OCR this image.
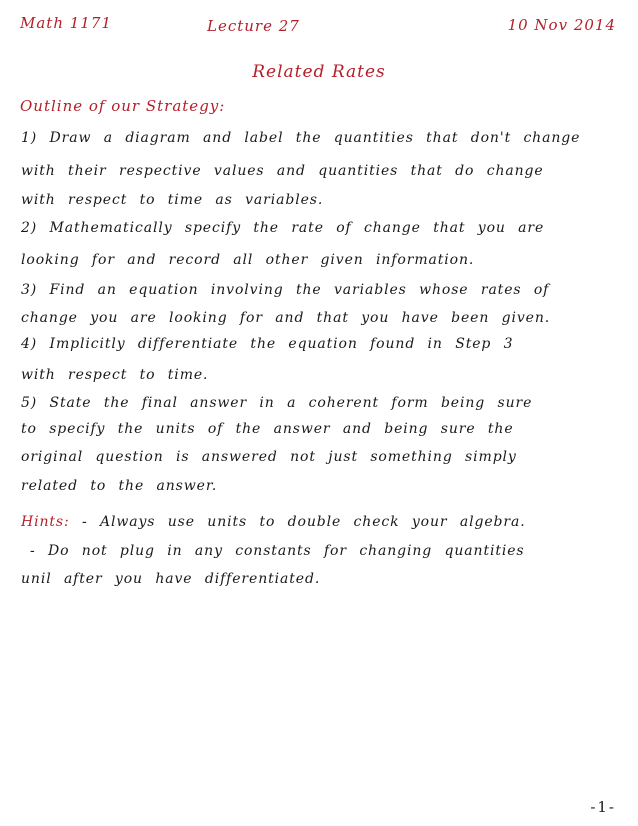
Math 1171	Lecture 27	10 Nov 2014
Related Rates
Outline of our Strategy:
1) Draw a diagram and label the quantities that don't change
with their respective values and quantities that do change
with respect to time as variables.
2) Mathematically specify the rate of change that you are
looking for and record all other given information.
3) Find an equation involving the variables whose rates of
change you are looking for and that you have been given.
4) Implicitly differentiate the equation found in Step 3
with respect to time.
5) State the final answer in a coherent form being sure
to specify the units of the answer and being sure the
original question is answered not just something simply
related to the answer.
Hints: - Always use units to double check your algebra.
- Do not plug in any constants for changing quantities
unil after you have differentiated.
-1-
